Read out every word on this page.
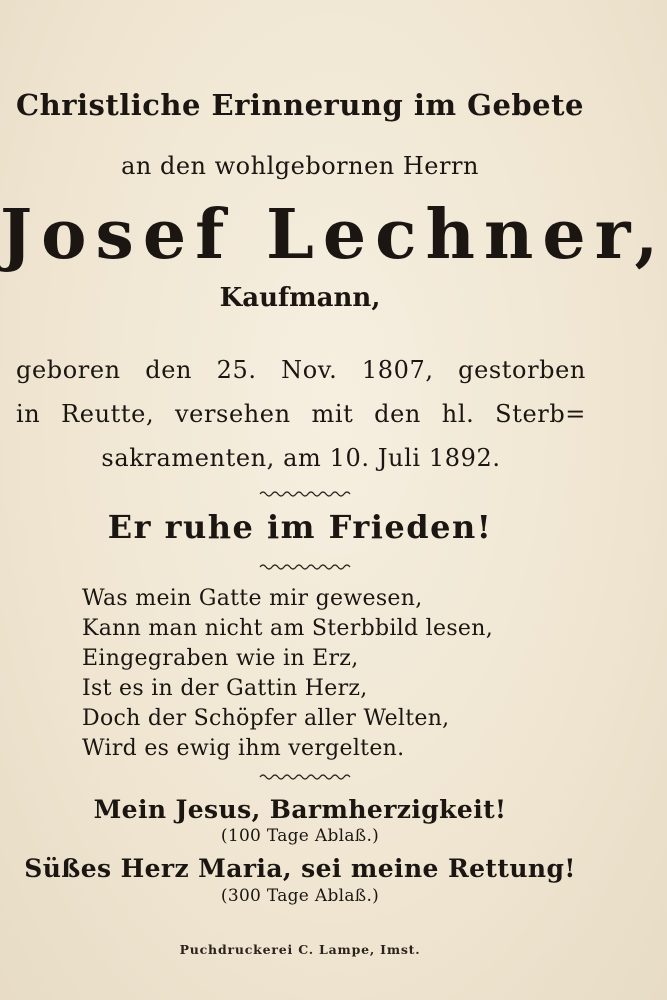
Christliche Erinnerung im Gebete
an den wohlgebornen Herrn
Josef Lechner,
Kaufmann,
geboren den 25. Nov. 1807, gestorben
in Reutte, versehen mit den hl. Sterb=
sakramenten, am 10. Juli 1892.
Er ruhe im Frieden!
Was mein Gatte mir gewesen,
Kann man nicht am Sterbbild lesen,
Eingegraben wie in Erz,
Ist es in der Gattin Herz,
Doch der Schöpfer aller Welten,
Wird es ewig ihm vergelten.
Mein Jesus, Barmherzigkeit!
(100 Tage Ablaß.)
Süßes Herz Maria, sei meine Rettung!
(300 Tage Ablaß.)
Puchdruckerei C. Lampe, Imst.
